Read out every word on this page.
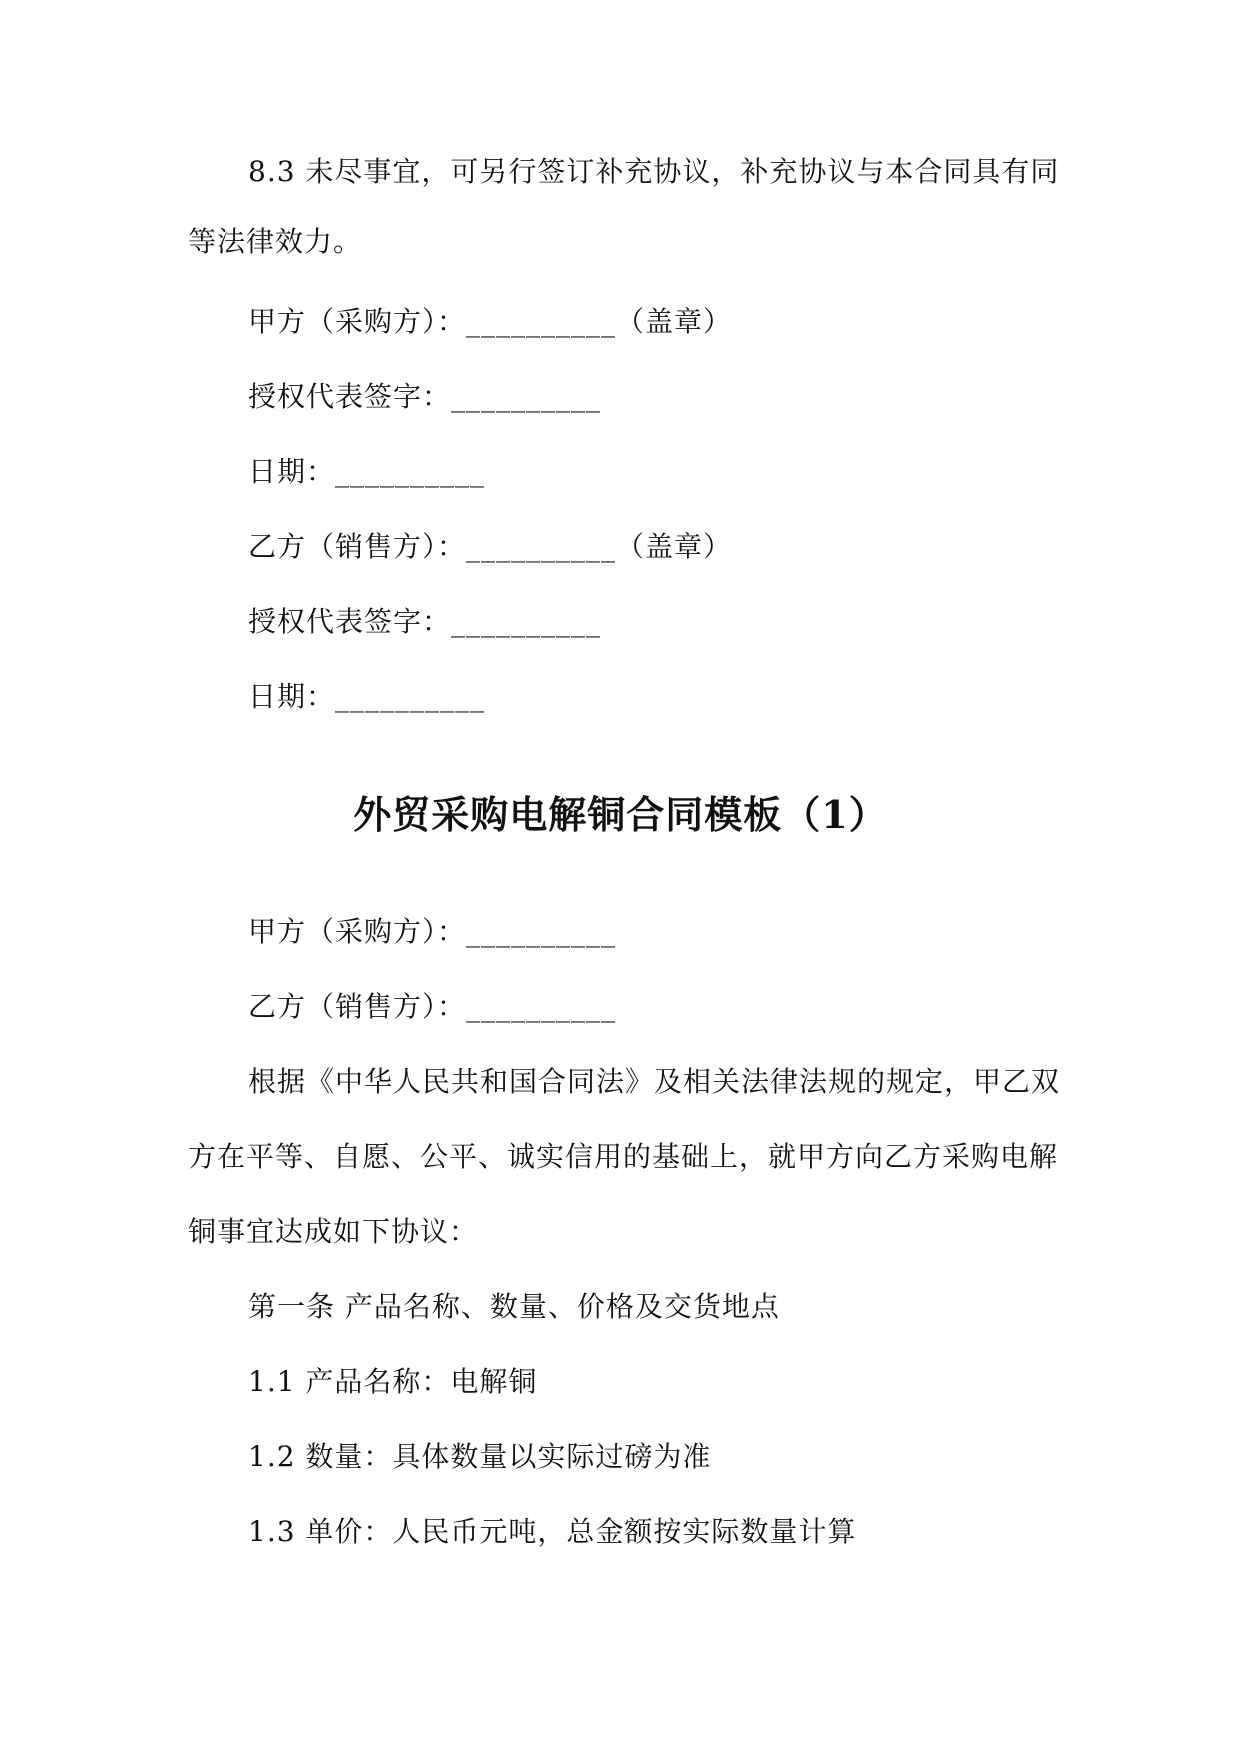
8.3 未尽事宜，可另行签订补充协议，补充协议与本合同具有同
等法律效力。
甲方（采购方）：__________（盖章）
授权代表签字：__________
日期：__________
乙方（销售方）：__________（盖章）
授权代表签字：__________
日期：__________
外贸采购电解铜合同模板（1）
甲方（采购方）：__________
乙方（销售方）：__________
根据《中华人民共和国合同法》及相关法律法规的规定，甲乙双
方在平等、自愿、公平、诚实信用的基础上，就甲方向乙方采购电解
铜事宜达成如下协议：
第一条 产品名称、数量、价格及交货地点
1.1 产品名称：电解铜
1.2 数量：具体数量以实际过磅为准
1.3 单价：人民币元吨，总金额按实际数量计算
